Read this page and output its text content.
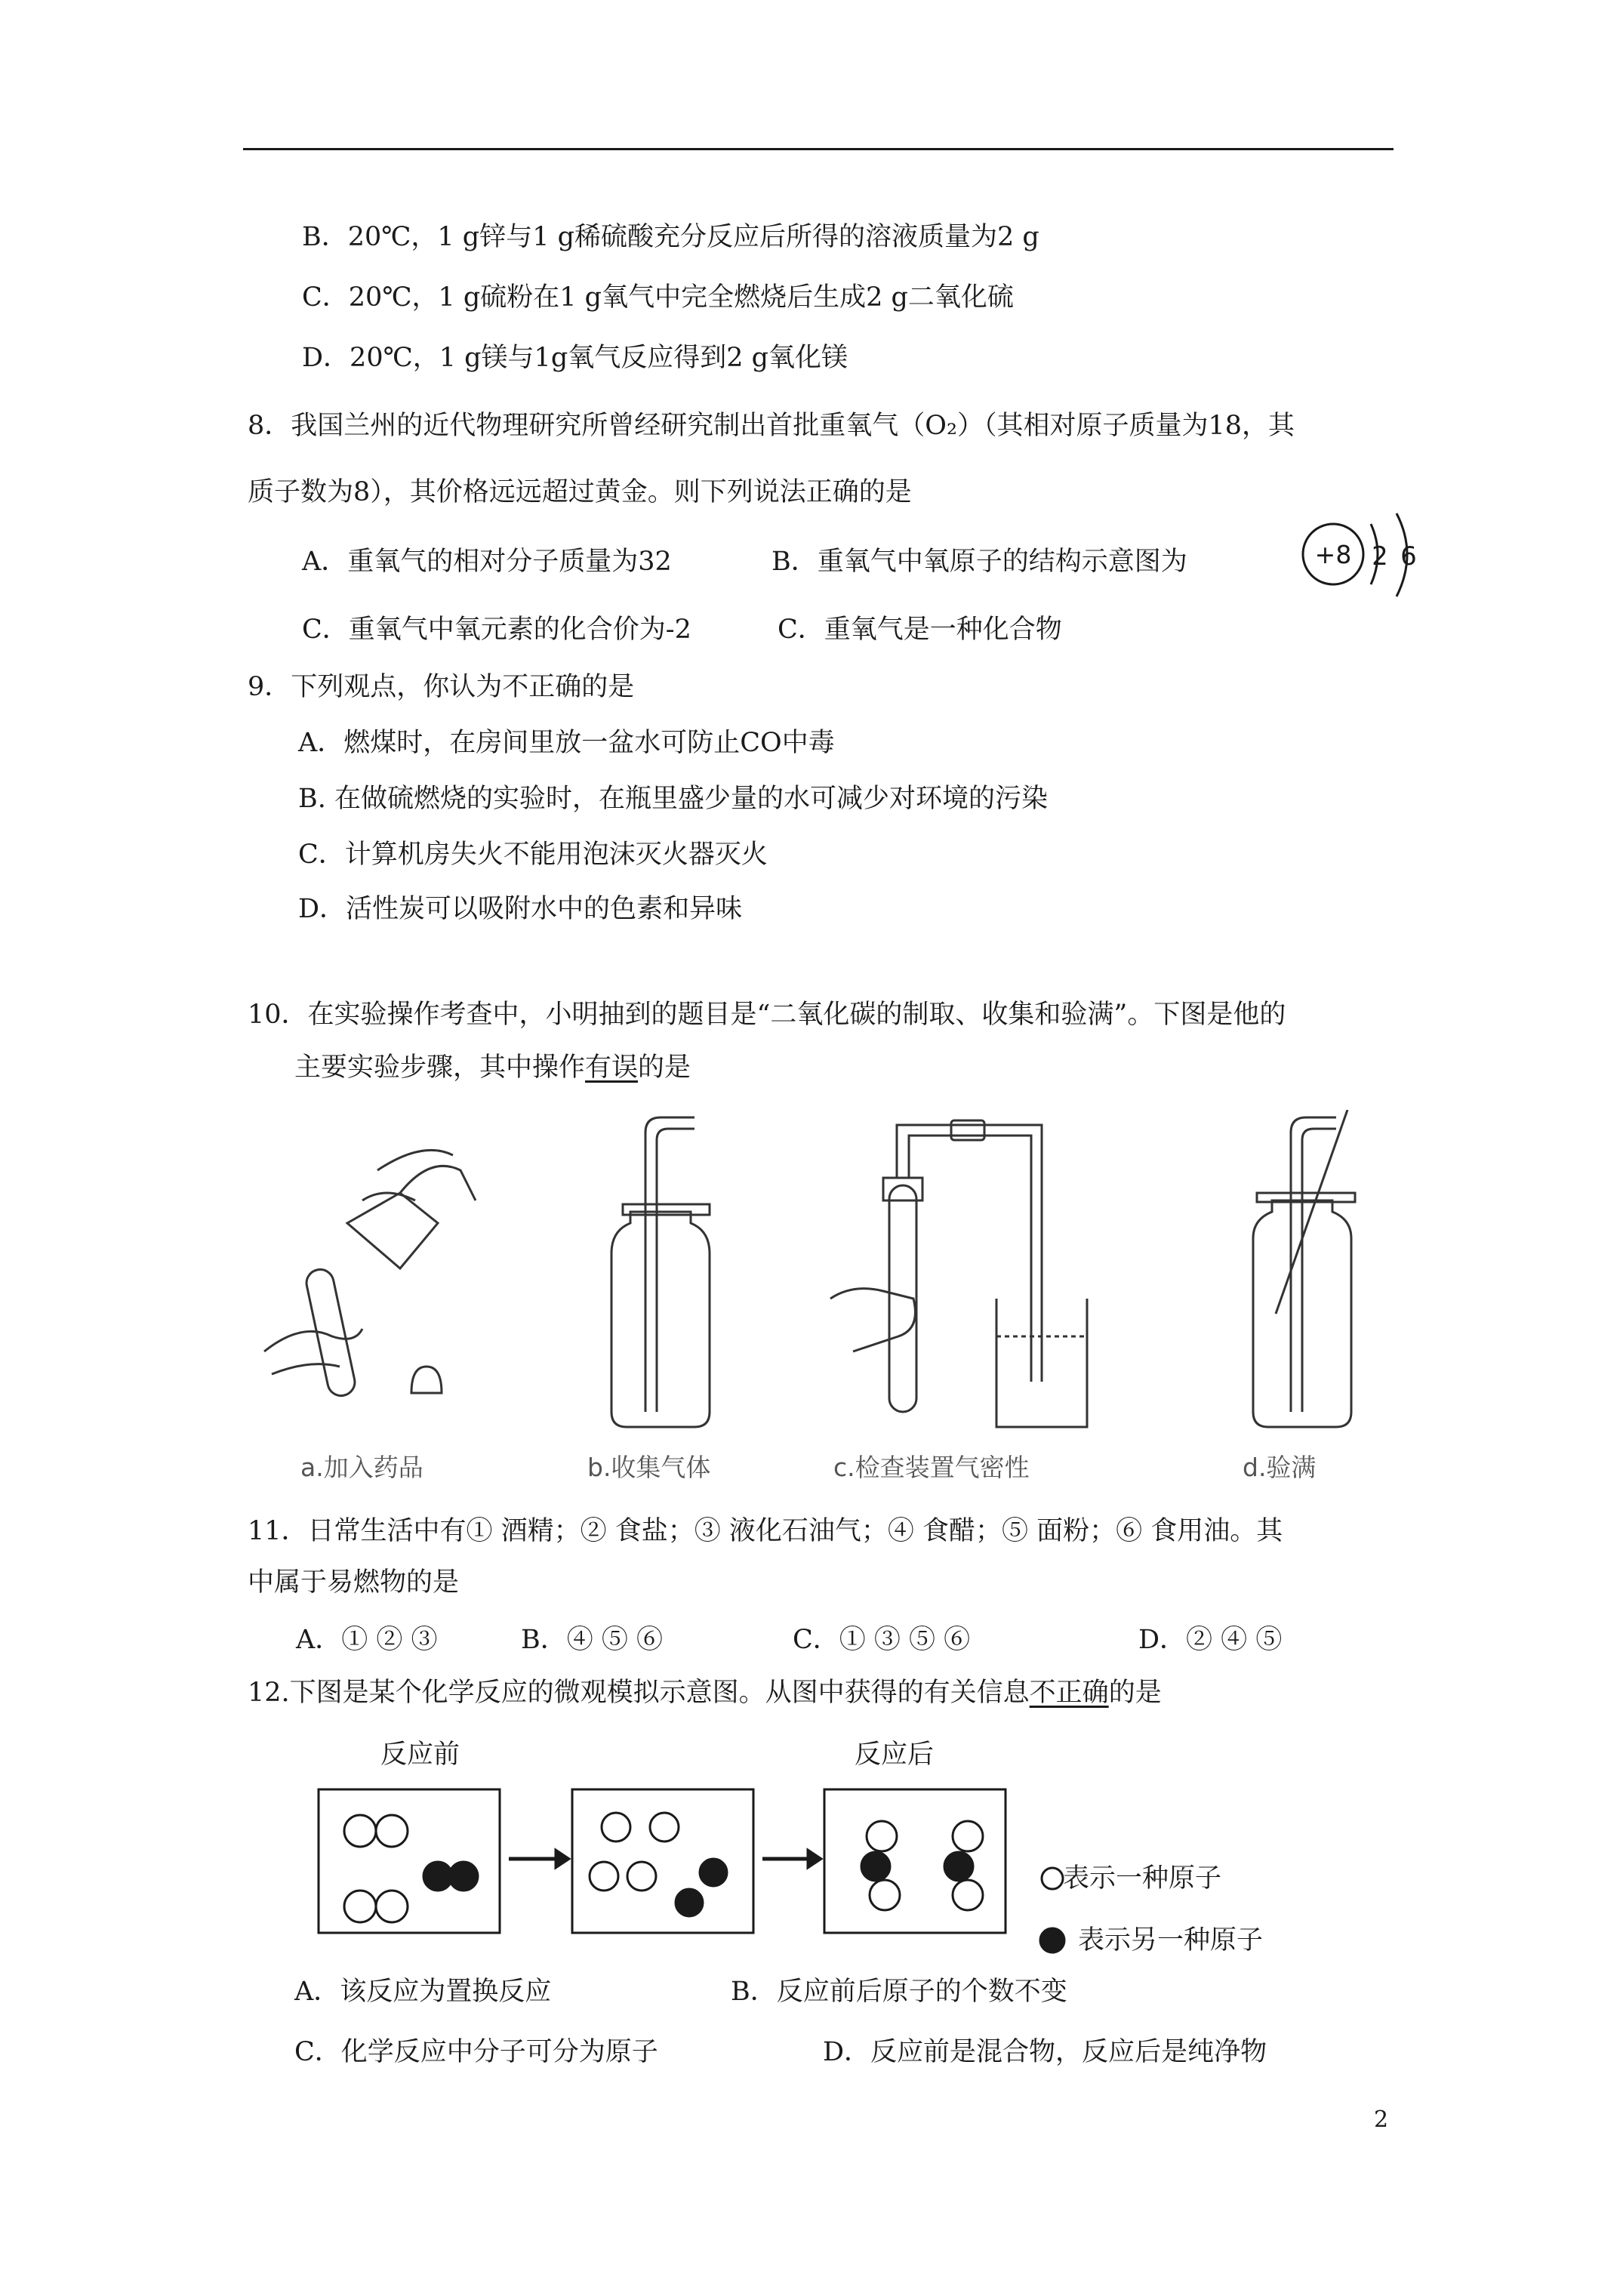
B．20℃，1 g锌与1 g稀硫酸充分反应后所得的溶液质量为2 g
C．20℃，1 g硫粉在1 g氧气中完全燃烧后生成2 g二氧化硫
D．20℃，1 g镁与1g氧气反应得到2 g氧化镁
8．我国兰州的近代物理研究所曾经研究制出首批重氧气（O₂）（其相对原子质量为18，其
质子数为8），其价格远远超过黄金。则下列说法正确的是
A．重氧气的相对分子质量为32	B．重氧气中氧原子的结构示意图为	+8 2 6
C．重氧气中氧元素的化合价为-2	C．重氧气是一种化合物
9．下列观点，你认为不正确的是
A．燃煤时，在房间里放一盆水可防止CO中毒
B. 在做硫燃烧的实验时，在瓶里盛少量的水可减少对环境的污染
C．计算机房失火不能用泡沫灭火器灭火
D．活性炭可以吸附水中的色素和异味
10．在实验操作考查中，小明抽到的题目是“二氧化碳的制取、收集和验满”。下图是他的
主要实验步骤，其中操作有误的是
a.加入药品	b.收集气体	c.检查装置气密性	d.验满
11．日常生活中有① 酒精；② 食盐；③ 液化石油气；④ 食醋；⑤ 面粉；⑥ 食用油。其
中属于易燃物的是
A．① ② ③	B．④ ⑤ ⑥	C．① ③ ⑤ ⑥	D．② ④ ⑤
12.下图是某个化学反应的微观模拟示意图。从图中获得的有关信息不正确的是
反应前	反应后
表示一种原子
表示另一种原子
A．该反应为置换反应	B．反应前后原子的个数不变
C．化学反应中分子可分为原子	D．反应前是混合物，反应后是纯净物
2
